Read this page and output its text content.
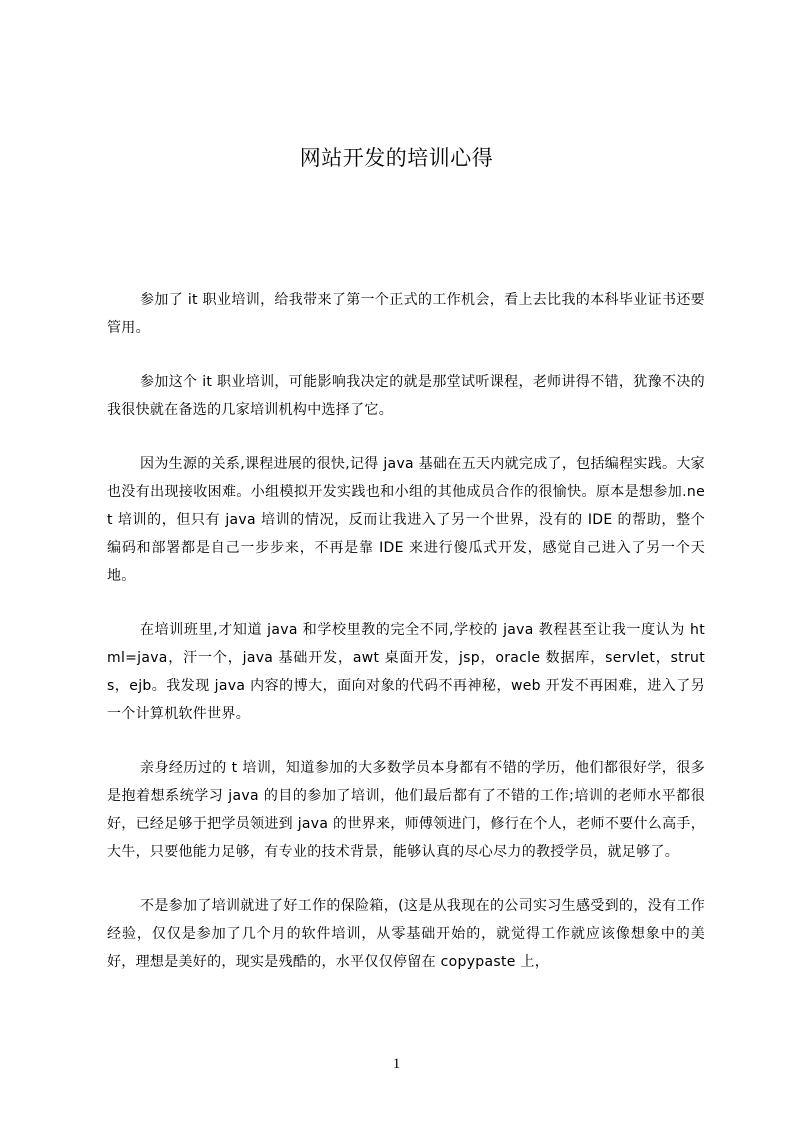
网站开发的培训心得

参加了 it 职业培训，给我带来了第一个正式的工作机会，看上去比我的本科毕业证书还要管用。

参加这个 it 职业培训，可能影响我决定的就是那堂试听课程，老师讲得不错，犹豫不决的我很快就在备选的几家培训机构中选择了它。

因为生源的关系,课程进展的很快,记得 java 基础在五天内就完成了，包括编程实践。大家也没有出现接收困难。小组模拟开发实践也和小组的其他成员合作的很愉快。原本是想参加.net 培训的，但只有 java 培训的情况，反而让我进入了另一个世界，没有的 IDE 的帮助，整个编码和部署都是自己一步步来，不再是靠 IDE 来进行傻瓜式开发，感觉自己进入了另一个天地。

在培训班里,才知道 java 和学校里教的完全不同,学校的 java 教程甚至让我一度认为 html=java，汗一个，java 基础开发，awt 桌面开发，jsp，oracle 数据库，servlet，struts，ejb。我发现 java 内容的博大，面向对象的代码不再神秘，web 开发不再困难，进入了另一个计算机软件世界。

亲身经历过的 t 培训，知道参加的大多数学员本身都有不错的学历，他们都很好学，很多是抱着想系统学习 java 的目的参加了培训，他们最后都有了不错的工作;培训的老师水平都很好，已经足够于把学员领进到 java 的世界来，师傅领进门，修行在个人，老师不要什么高手，大牛，只要他能力足够，有专业的技术背景，能够认真的尽心尽力的教授学员，就足够了。

不是参加了培训就进了好工作的保险箱，(这是从我现在的公司实习生感受到的，没有工作经验，仅仅是参加了几个月的软件培训，从零基础开始的，就觉得工作就应该像想象中的美好，理想是美好的，现实是残酷的，水平仅仅停留在 copypaste 上，

1
